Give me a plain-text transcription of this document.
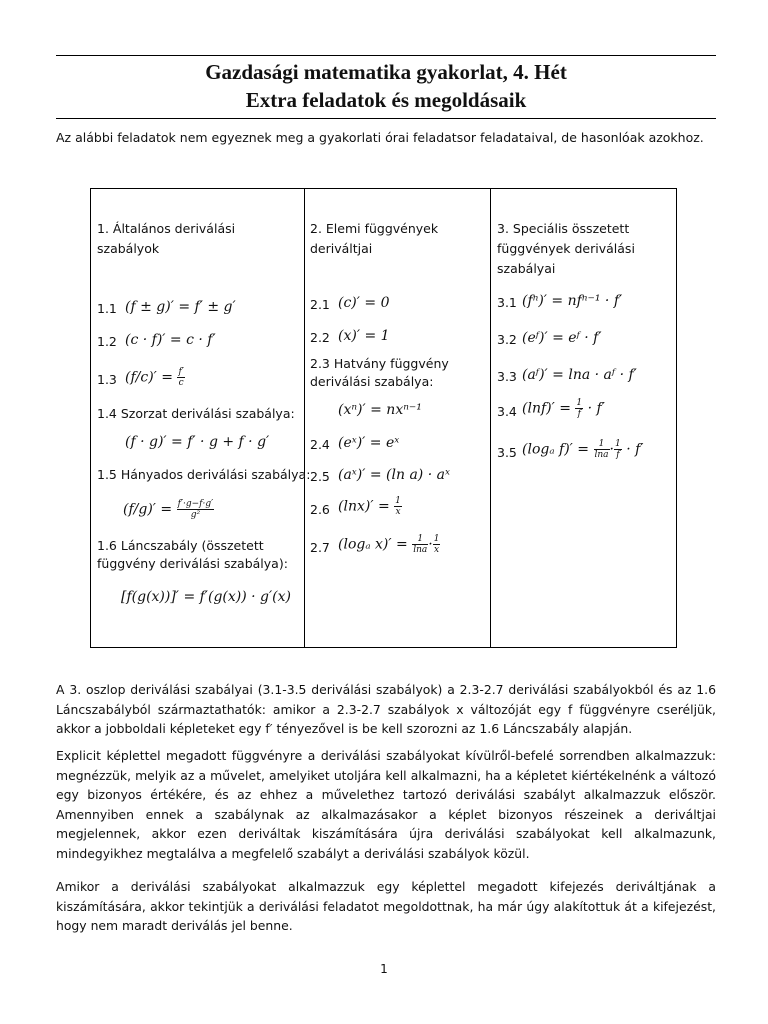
Gazdasági matematika gyakorlat, 4. Hét
Extra feladatok és megoldásaik
Az alábbi feladatok nem egyeznek meg a gyakorlati órai feladatsor feladataival, de hasonlóak azokhoz.
1. Általános deriválási szabályok
1.1 (f ± g)′ = f′ ± g′
1.2 (c · f)′ = c · f′
1.3 $(f/c)' = \frac{f'}{c}$
1.4 Szorzat deriválási szabálya:
(f · g)′ = f′ · g + f · g′
1.5 Hányados deriválási szabálya:
$(f/g)' = \frac{f'\cdot g-f\cdot g'}{\text{g²}}$
1.6 Láncszabály (összetett függvény deriválási szabálya):
[f(g(x))]′ = f′(g(x)) · g′(x)
2. Elemi függvények deriváltjai
2.1 (c)′ = 0
2.2 (x)′ = 1
2.3 Hatvány függvény deriválási szabálya:
(xⁿ)′ = nxⁿ⁻¹
2.4 (eˣ)′ = eˣ
2.5 (aˣ)′ = (ln a) · aˣ
2.6 $(\ln x)' = \frac{1}{x}$
2.7 (logₐ $x)' = \frac{1}{\ln a} \cdot \frac{1}{x}$
3. Speciális összetett függvények deriválási szabályai
3.1 (fⁿ)′ = nfⁿ⁻¹ · f′
3.2 (eᶠ)′ = eᶠ · f′
3.3 (aᶠ)′ = lna · aᶠ · f′
3.4 $(\ln f)' = \frac{1}{f} \cdot f'$
3.5 (logₐ $f)' = \frac{1}{\ln a} \cdot \frac{1}{f} \cdot f'$
A 3. oszlop deriválási szabályai (3.1-3.5 deriválási szabályok) a 2.3-2.7 deriválási szabályokból és az 1.6 Láncszabályból származtathatók: amikor a 2.3-2.7 szabályok x változóját egy f függvényre cseréljük, akkor a jobboldali képleteket egy f′ tényezővel is be kell szorozni az 1.6 Láncszabály alapján.
Explicit képlettel megadott függvényre a deriválási szabályokat kívülről-befelé sorrendben alkalmazzuk: megnézzük, melyik az a művelet, amelyiket utoljára kell alkalmazni, ha a képletet kiértékelnénk a változó egy bizonyos értékére, és az ehhez a művelethez tartozó deriválási szabályt alkalmazzuk először. Amennyiben ennek a szabálynak az alkalmazásakor a képlet bizonyos részeinek a deriváltjai megjelennek, akkor ezen deriváltak kiszámítására újra deriválási szabályokat kell alkalmazunk, mindegyikhez megtalálva a megfelelő szabályt a deriválási szabályok közül.
Amikor a deriválási szabályokat alkalmazzuk egy képlettel megadott kifejezés deriváltjának a kiszámítására, akkor tekintjük a deriválási feladatot megoldottnak, ha már úgy alakítottuk át a kifejezést, hogy nem maradt deriválás jel benne.
1
